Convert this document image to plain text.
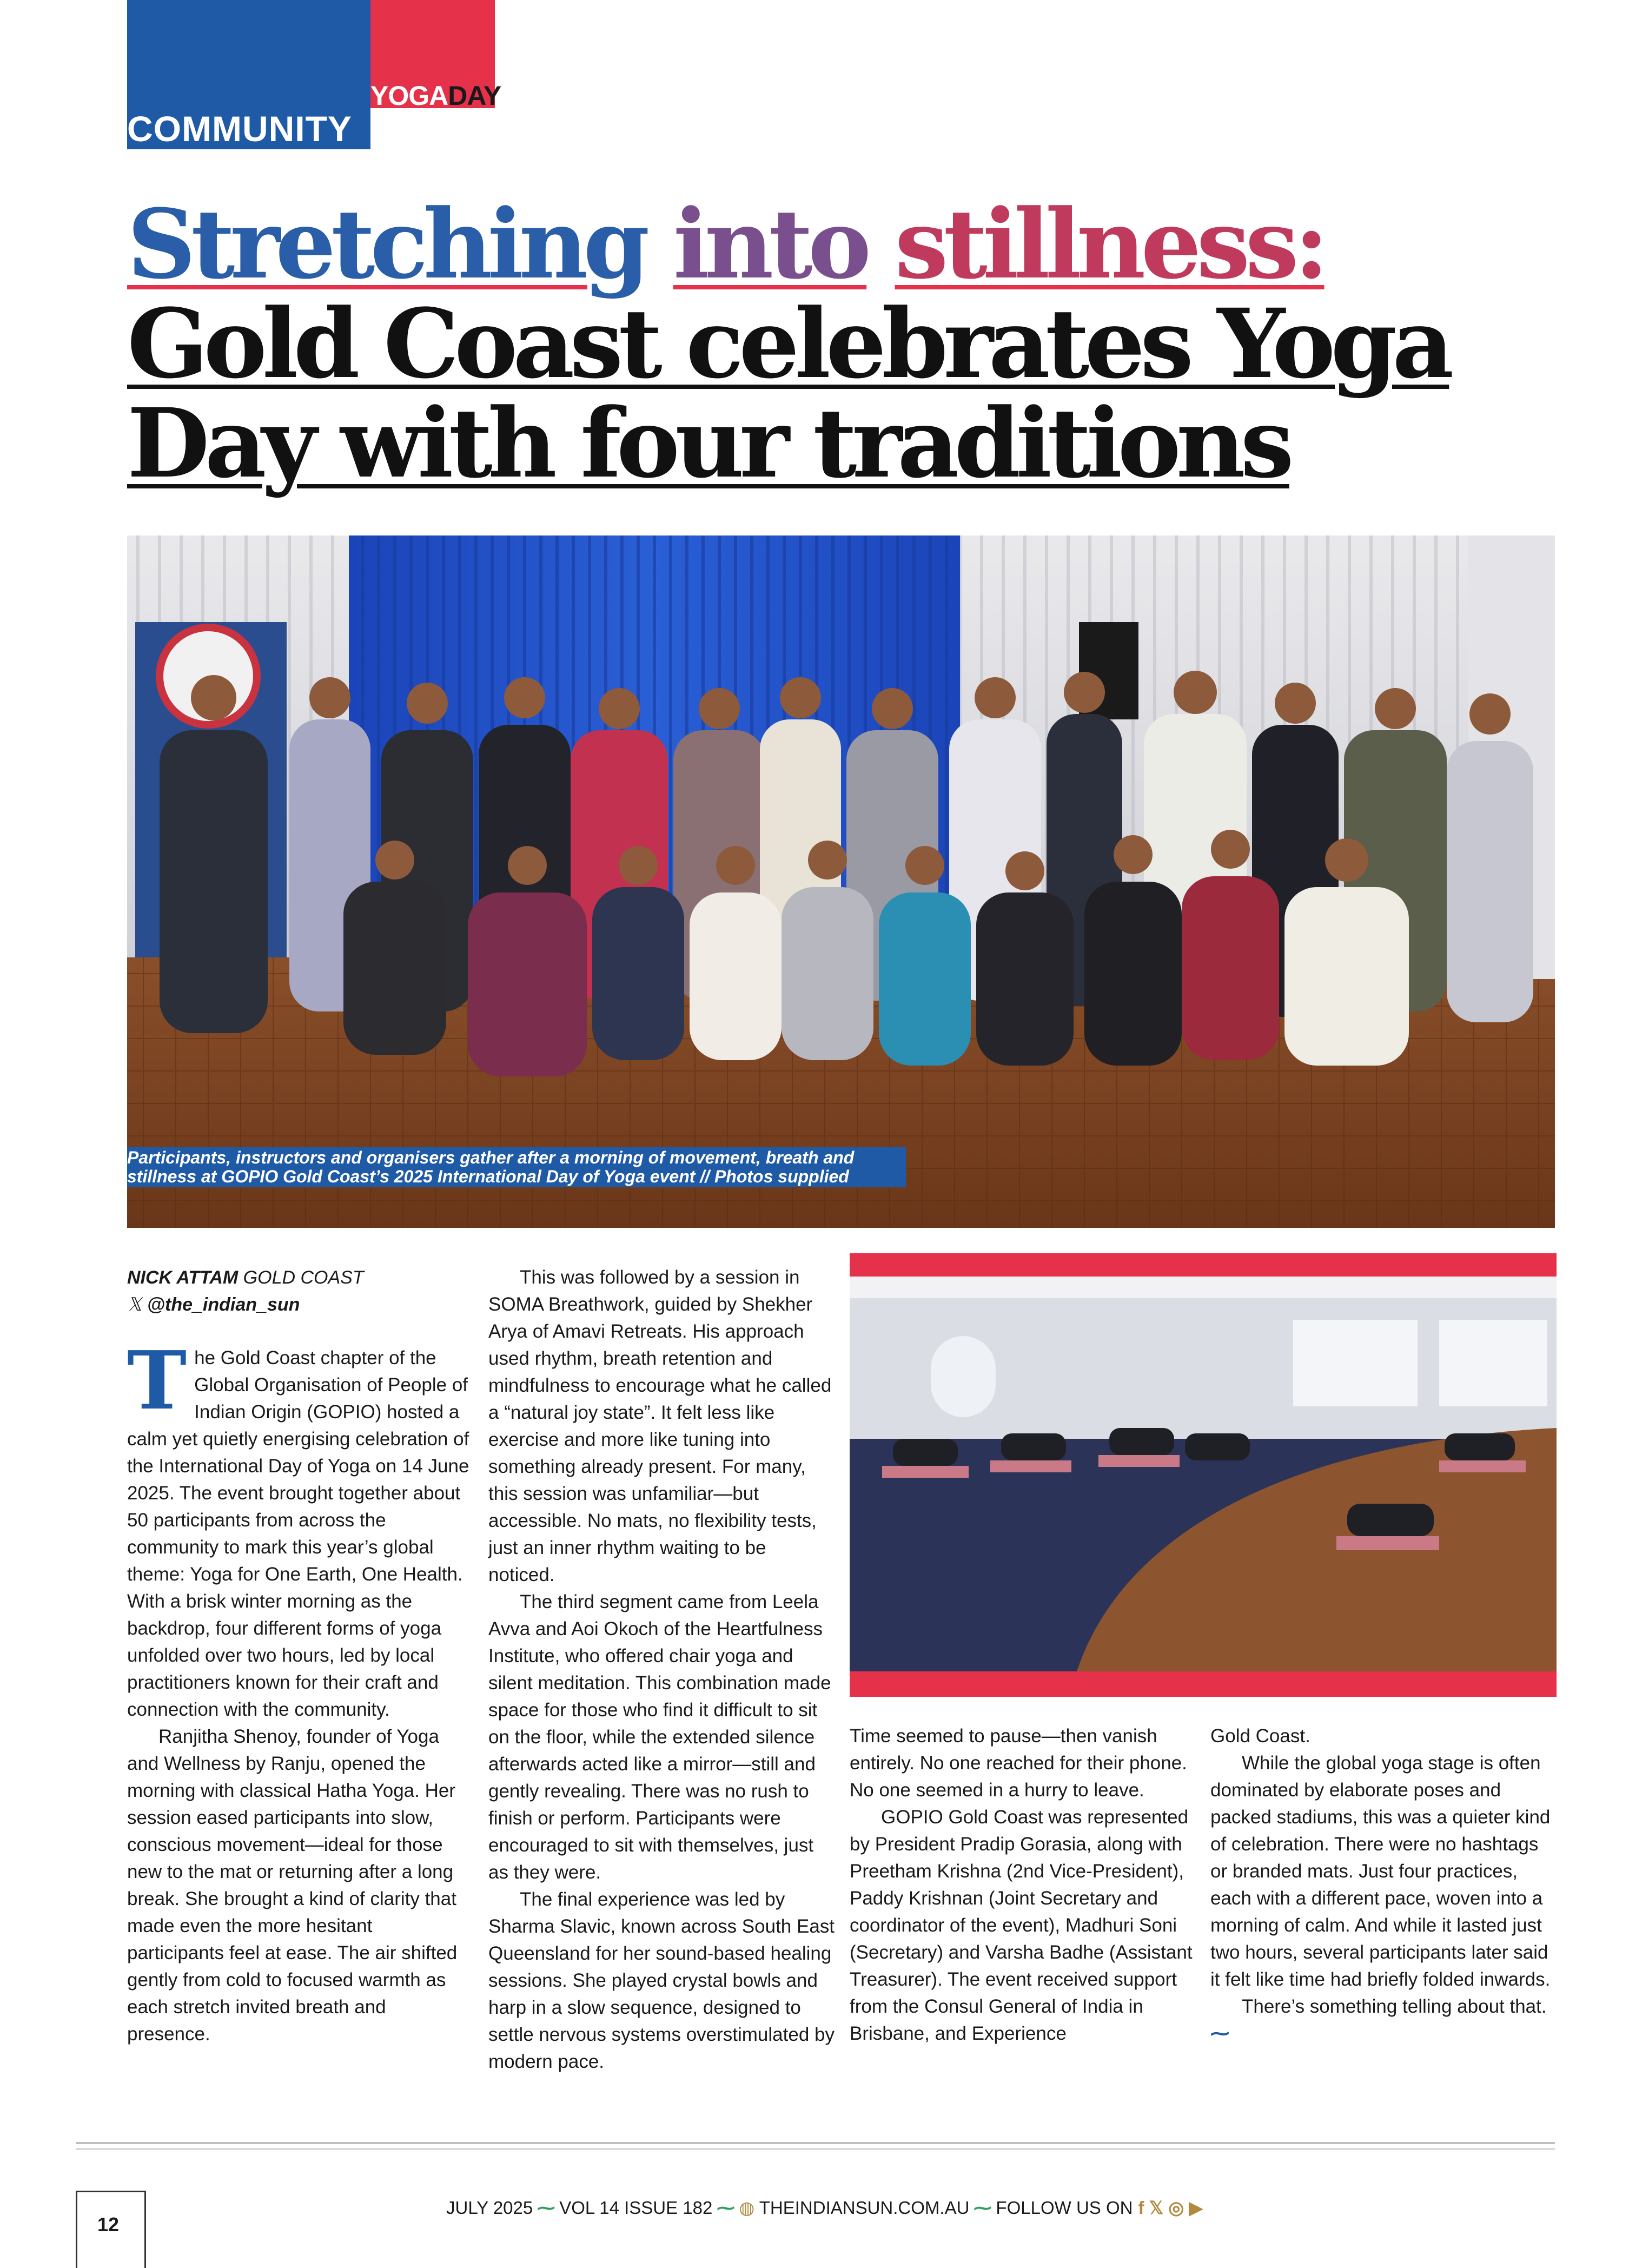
YOGADAY
COMMUNITY
Stretching into stillness:
Gold Coast celebrates Yoga
Day with four traditions
Participants, instructors and organisers gather after a morning of movement, breath and stillness at GOPIO Gold Coast’s 2025 International Day of Yoga event // Photos supplied
NICK ATTAM GOLD COAST
𝕏 @the_indian_sun

The Gold Coast chapter of the Global Organisation of People of Indian Origin (GOPIO) hosted a calm yet quietly energising celebration of the International Day of Yoga on 14 June 2025. The event brought together about 50 participants from across the community to mark this year’s global theme: Yoga for One Earth, One Health. With a brisk winter morning as the backdrop, four different forms of yoga unfolded over two hours, led by local practitioners known for their craft and connection with the community.

Ranjitha Shenoy, founder of Yoga and Wellness by Ranju, opened the morning with classical Hatha Yoga. Her session eased participants into slow, conscious movement—ideal for those new to the mat or returning after a long break. She brought a kind of clarity that made even the more hesitant participants feel at ease. The air shifted gently from cold to focused warmth as each stretch invited breath and presence.

This was followed by a session in SOMA Breathwork, guided by Shekher Arya of Amavi Retreats. His approach used rhythm, breath retention and mindfulness to encourage what he called a “natural joy state”. It felt less like exercise and more like tuning into something already present. For many, this session was unfamiliar—but accessible. No mats, no flexibility tests, just an inner rhythm waiting to be noticed.

The third segment came from Leela Avva and Aoi Okoch of the Heartfulness Institute, who offered chair yoga and silent meditation. This combination made space for those who find it difficult to sit on the floor, while the extended silence afterwards acted like a mirror—still and gently revealing. There was no rush to finish or perform. Participants were encouraged to sit with themselves, just as they were.

The final experience was led by Sharma Slavic, known across South East Queensland for her sound-based healing sessions. She played crystal bowls and harp in a slow sequence, designed to settle nervous systems overstimulated by modern pace.

Time seemed to pause—then vanish entirely. No one reached for their phone. No one seemed in a hurry to leave.

GOPIO Gold Coast was represented by President Pradip Gorasia, along with Preetham Krishna (2nd Vice-President), Paddy Krishnan (Joint Secretary and coordinator of the event), Madhuri Soni (Secretary) and Varsha Badhe (Assistant Treasurer). The event received support from the Consul General of India in Brisbane, and Experience

Gold Coast.

While the global yoga stage is often dominated by elaborate poses and packed stadiums, this was a quieter kind of celebration. There were no hashtags or branded mats. Just four practices, each with a different pace, woven into a morning of calm. And while it lasted just two hours, several participants later said it felt like time had briefly folded inwards.

There’s something telling about that. ⁓

12
JULY 2025 ⁓ VOL 14 ISSUE 182 ⁓ ◍ THEINDIANSUN.COM.AU ⁓ FOLLOW US ON f 𝕏 ◎ ▶
